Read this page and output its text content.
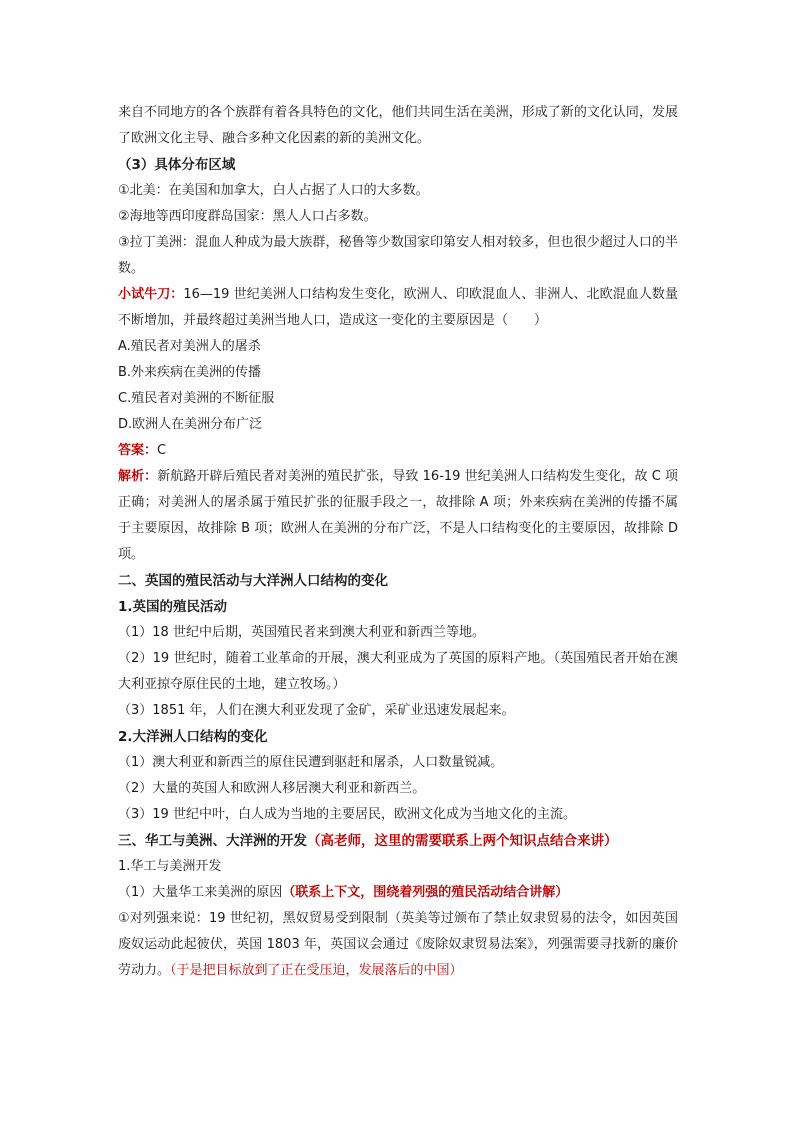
来自不同地方的各个族群有着各具特色的文化，他们共同生活在美洲，形成了新的文化认同，发展了欧洲文化主导、融合多种文化因素的新的美洲文化。

（3）具体分布区域

①北美：在美国和加拿大，白人占据了人口的大多数。

②海地等西印度群岛国家：黑人人口占多数。

③拉丁美洲：混血人种成为最大族群，秘鲁等少数国家印第安人相对较多，但也很少超过人口的半数。

小试牛刀：16—19 世纪美洲人口结构发生变化，欧洲人、印欧混血人、非洲人、北欧混血人数量不断增加，并最终超过美洲当地人口，造成这一变化的主要原因是（　　）

A.殖民者对美洲人的屠杀

B.外来疾病在美洲的传播

C.殖民者对美洲的不断征服

D.欧洲人在美洲分布广泛

答案：C

解析：新航路开辟后殖民者对美洲的殖民扩张，导致 16-19 世纪美洲人口结构发生变化，故 C 项正确；对美洲人的屠杀属于殖民扩张的征服手段之一，故排除 A 项；外来疾病在美洲的传播不属于主要原因，故排除 B 项；欧洲人在美洲的分布广泛，不是人口结构变化的主要原因，故排除 D 项。

二、英国的殖民活动与大洋洲人口结构的变化

1.英国的殖民活动

（1）18 世纪中后期，英国殖民者来到澳大利亚和新西兰等地。

（2）19 世纪时，随着工业革命的开展，澳大利亚成为了英国的原料产地。（英国殖民者开始在澳大利亚掠夺原住民的土地，建立牧场。）

（3）1851 年，人们在澳大利亚发现了金矿，采矿业迅速发展起来。

2.大洋洲人口结构的变化

（1）澳大利亚和新西兰的原住民遭到驱赶和屠杀，人口数量锐减。

（2）大量的英国人和欧洲人移居澳大利亚和新西兰。

（3）19 世纪中叶，白人成为当地的主要居民，欧洲文化成为当地文化的主流。

三、华工与美洲、大洋洲的开发（高老师，这里的需要联系上两个知识点结合来讲）

1.华工与美洲开发

（1）大量华工来美洲的原因（联系上下文，围绕着列强的殖民活动结合讲解）

①对列强来说：19 世纪初，黑奴贸易受到限制（英美等过颁布了禁止奴隶贸易的法令，如因英国废奴运动此起彼伏，英国 1803 年，英国议会通过《废除奴隶贸易法案》，列强需要寻找新的廉价劳动力。（于是把目标放到了正在受压迫，发展落后的中国）
